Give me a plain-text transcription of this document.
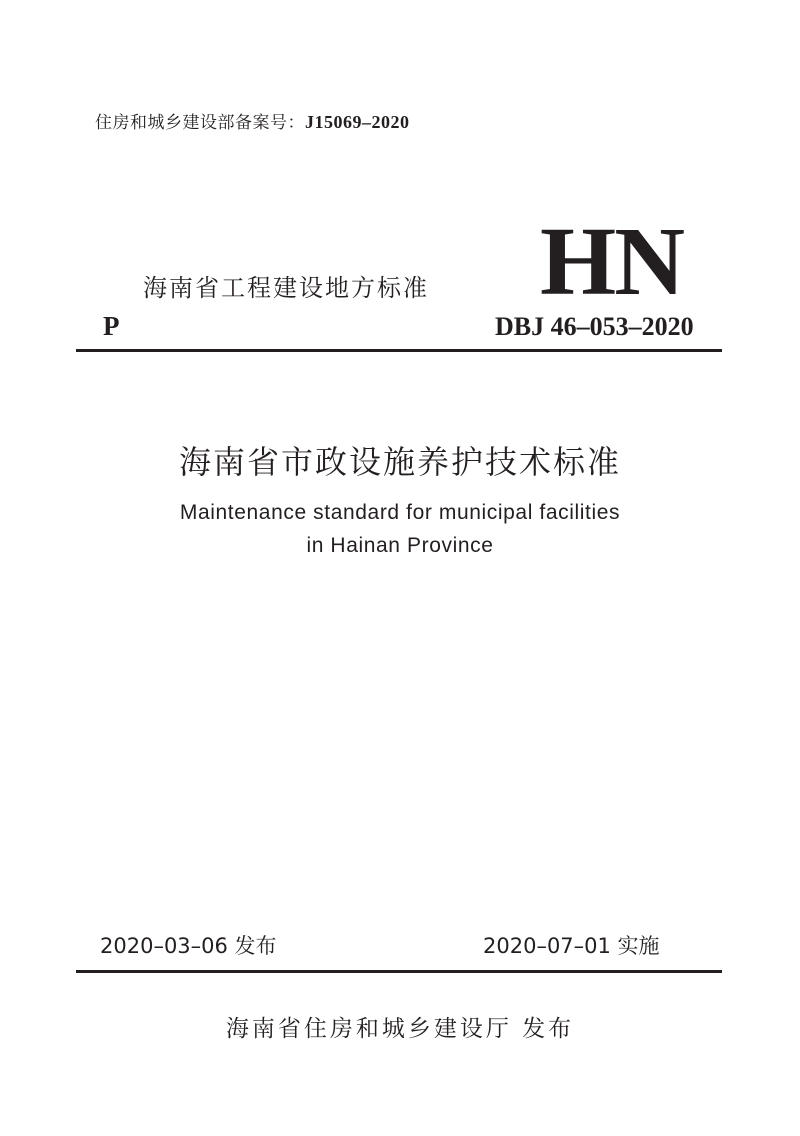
住房和城乡建设部备案号：J15069–2020
海南省工程建设地方标准 HN
P	DBJ 46–053–2020
海南省市政设施养护技术标准
Maintenance standard for municipal facilities
in Hainan Province
2020–03–06 发布	2020–07–01 实施
海南省住房和城乡建设厅 发布
